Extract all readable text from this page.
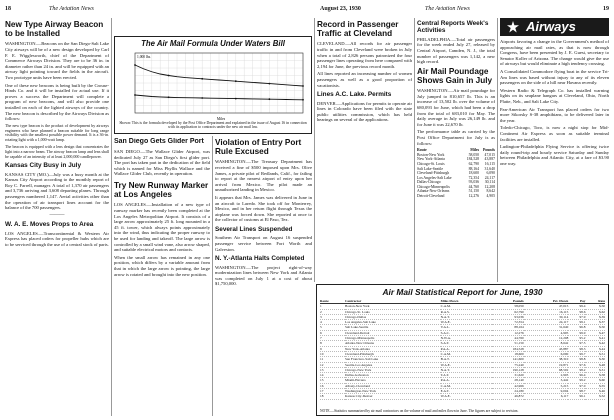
18	The Aviation News	August 23, 1930	The Aviation News	19
New Type Airway Beacon to be Installed
WASHINGTON.—Beacons on the San Diego-Salt Lake City airways will be of a new design developed by Carl F. E. Wigglesworth, chief of the Department of Commerce Airways Division. They are to be 36 in. in diameter rather than 24 in. and will be equipped with an airway light pointing toward the fields in the aircraft. Two prototype units have been erected.
One of these new beacons is being built by the Crouse-Hinds Co. and it will be installed for actual use. If it proves a success the Department will complete a program of new beacons, and will also provide one installed on each of the lighted airways of the country. The new beacon is described by the Airways Division as follows:
The new type beacon is the product of development by airways engineers who have planned a beacon suitable for long range visibility with the smallest possible power demand. It is a 36-in. rotating light with a 1,000-watt lamp.
The beacon is equipped with a lens design that concentrates the light into a narrow beam. The airway beacon lamp and lens shall be capable of an intensity of at least 2,000,000 candlepower.
Kansas City Busy in July
KANSAS CITY (MO.)—July was a busy month at the Kansas City Airport according to the monthly report of Roy C. Farrell, manager. A total of 1,370 air passengers and 3,736 arriving and 3,608 departing planes. Through passengers numbered 1,147. Aerial activities other than the operation of air transport lines account for the balance of the 700 passengers.
———
W. A. E. Moves Props to Area
LOS ANGELES.—Transcontinental & Western Air Express has placed orders for propeller hubs which are to be serviced through the use of a central stock of parts.
The Air Mail Formula Under Waters Bill
1,000 lbs.
Miles
Shown: This is the formula developed by the Post Office Department and explained in the issue of August 16 in connection with its application to contracts under the new air mail law.
San Diego Gets Glider Port
SAN DIEGO.—The Wallace Glider Airport, was dedicated July 27 as San Diego's first glider port. The port has taken part in the dedication of the field which is named for Miss Phyllis Wallace and the Wallace Glider Club, recently in operation.
Try New Runway Marker at Los Angeles
LOS ANGELES.—Installation of a new type of runway marker has recently been completed at the Los Angeles Metropolitan Airport. It consists of a large arrow approximately 25 ft. long mounted in a 45 ft. tower, which always points approximately into the wind, thus indicating the proper runway to be used for landing and takeoff. The large arrow is controlled by a small wind vane, also arrow shaped, and suitable electrical motors and contacts.
When the small arrow has remained in any one position, which differs by a variable amount from that in which the large arrow is pointing, the large arrow is rotated and brought into the new position.
Violation of Entry Port Rule Excused
WASHINGTON.—The Treasury Department has received a fine of $500 imposed upon Mrs. Olive James, a private pilot of Redlands, Calif., for failing to report at the nearest airport of entry upon her arrival from Mexico. The pilot made an unauthorized landing in Mexico.
It appears that Mrs. James was delivered in June in an aircraft to Laredo. She took off for Monterrey, Mexico, and in her return flight through Texas the airplane was forced down. She reported at once to the collector of customs at El Paso, Tex.
Several Lines Suspended
Southern Air Transport on August 16 suspended passenger service between Fort Worth and Galveston.
N. Y.-Atlanta Halts Completed
WASHINGTON.—The project right-of-way modernization lines between New York and Atlanta was completed on July 1 at a cost of about $1,750,000.
Record in Passenger Traffic at Cleveland
CLEVELAND.—All records for air passenger traffic in and from Cleveland were broken in July when a total of 2,826 persons patronized the four passenger lines operating from here compared with 2,194 for June, the previous record month.
All lines reported an increasing number of women passengers as well as a good proportion of vacationists.
Lines A.C. Lake. Permits
DENVER.—Applications for permits to operate air lines in Colorado have been filed with the state public utilities commission, which has held hearings on several of the applications.
Central Reports Week's Activities
PHILADELPHIA.—Total air passengers for the week ended July 27, released by Central Airport, Camden, N. J., the total number of passengers was 1,142, a new high record.
Air Mail Poundage Shows Gain in July
WASHINGTON.—Air mail poundage for July jumped to 810,657 lb. This is an increase of 13,502 lb. over the volume of 680,093 for June, which had been a drop from the total of 683,010 for May. The daily average in July was 26,149 lb. and for June it was 22,670 lb.
The performance table as carried by the Post Office Department for July is as follows:
Route	Miles	Pounds
Boston-New York	58,050	47,015
New York-Atlanta	184,528	43,887
Chicago-St. Louis	62,790	16,115
Salt Lake-Seattle	88,164	31,640
Cleveland-Pittsburgh	18,600	6,090
Los Angeles-Salt Lake	72,354	24,117
Dallas-Chicago	93,036	30,114
Chicago-Minneapolis	44,760	12,208
Atlanta-New Orleans	51,150	8,642
Detroit-Cleveland	12,276	4,905
Airways
Airports favoring a change in the Government's method of approaching air mail rates, as that is now through Congress, have been presented by J. E. Guest, secretary to Senator Koller of Arizona. The change would give the use of airways but would eliminate a high tendency crossing.
A Consolidated Commodore flying boat in the service Tri-Am lines was based without injury to any of its eleven passengers on the side of a hill near Havana recently.
Western Radio & Telegraph Co. has installed warning lights on its seaplane hangars at Cleveland, Ohio, North Platte, Neb., and Salt Lake City.
Pan-American Air Transport has placed orders for two more Sikorsky S-38 amphibians, to be delivered later in the year.
Toledo-Chicago, Toro, is now a night stop for Mid-Continent Air Express as soon as suitable terminal facilities are installed.
Ludington-Philadelphia Flying Service is offering twice daily round-trip and hourly service Saturday and Sunday between Philadelphia and Atlantic City, at a fare of $3.90 one way.
Air Mail Statistical Report for June, 1930
Route	Contractor	Miles Flown	Pounds	Pct. Flown	Pay	Rate
1	Boston-New York	C.A.M.	58,050	47,015	99.4	$.50
2	Chicago-St. Louis	R.A.S.	62,790	16,115	98.6	$.62
3	Chicago-Dallas	N.A.T.	93,036	30,114	97.9	$.39
4	Los Angeles-Salt Lake	W.A.E.	72,354	24,117	99.1	$.37
5	Salt Lake-Seattle	V.A.L.	88,164	31,640	96.8	$.50
6	Cleveland-Detroit	S.A.C.	12,276	4,905	99.9	$.47
7	Chicago-Minneapolis	N.W.A.	44,760	12,208	95.2	$.41
8	Atlanta-New Orleans	S.A.T.	51,150	8,642	97.5	$.42
9	New York-Atlanta	P.A.A.	184,528	43,887	98.3	$.44
10	Cleveland-Pittsburgh	C.A.M.	18,600	6,090	99.7	$.51
11	San Francisco-Salt Lake	B.A.T.	141,600	38,310	98.8	$.30
12	Seattle-Los Angeles	W.A.E.	75,240	19,871	97.6	$.48
13	Chicago-New York	N.A.T.	190,128	68,502	98.2	$.31
14	Dallas-Galveston	T.A.T.	31,620	2,903	96.4	$.58
15	Miami-Havana	P.A.A.	28,140	3,442	99.2	$.60
16	Albany-Cleveland	C.A.M.	42,966	5,215	97.0	$.55
17	Washington-New York	E.A.T.	24,180	9,004	98.7	$.46
18	Kansas City-Denver	W.A.E.	46,872	6,117	96.1	$.52
NOTE.—Statistics summarized by air mail contractors on the volume of mail and miles flown in June. The figures are subject to revision.
